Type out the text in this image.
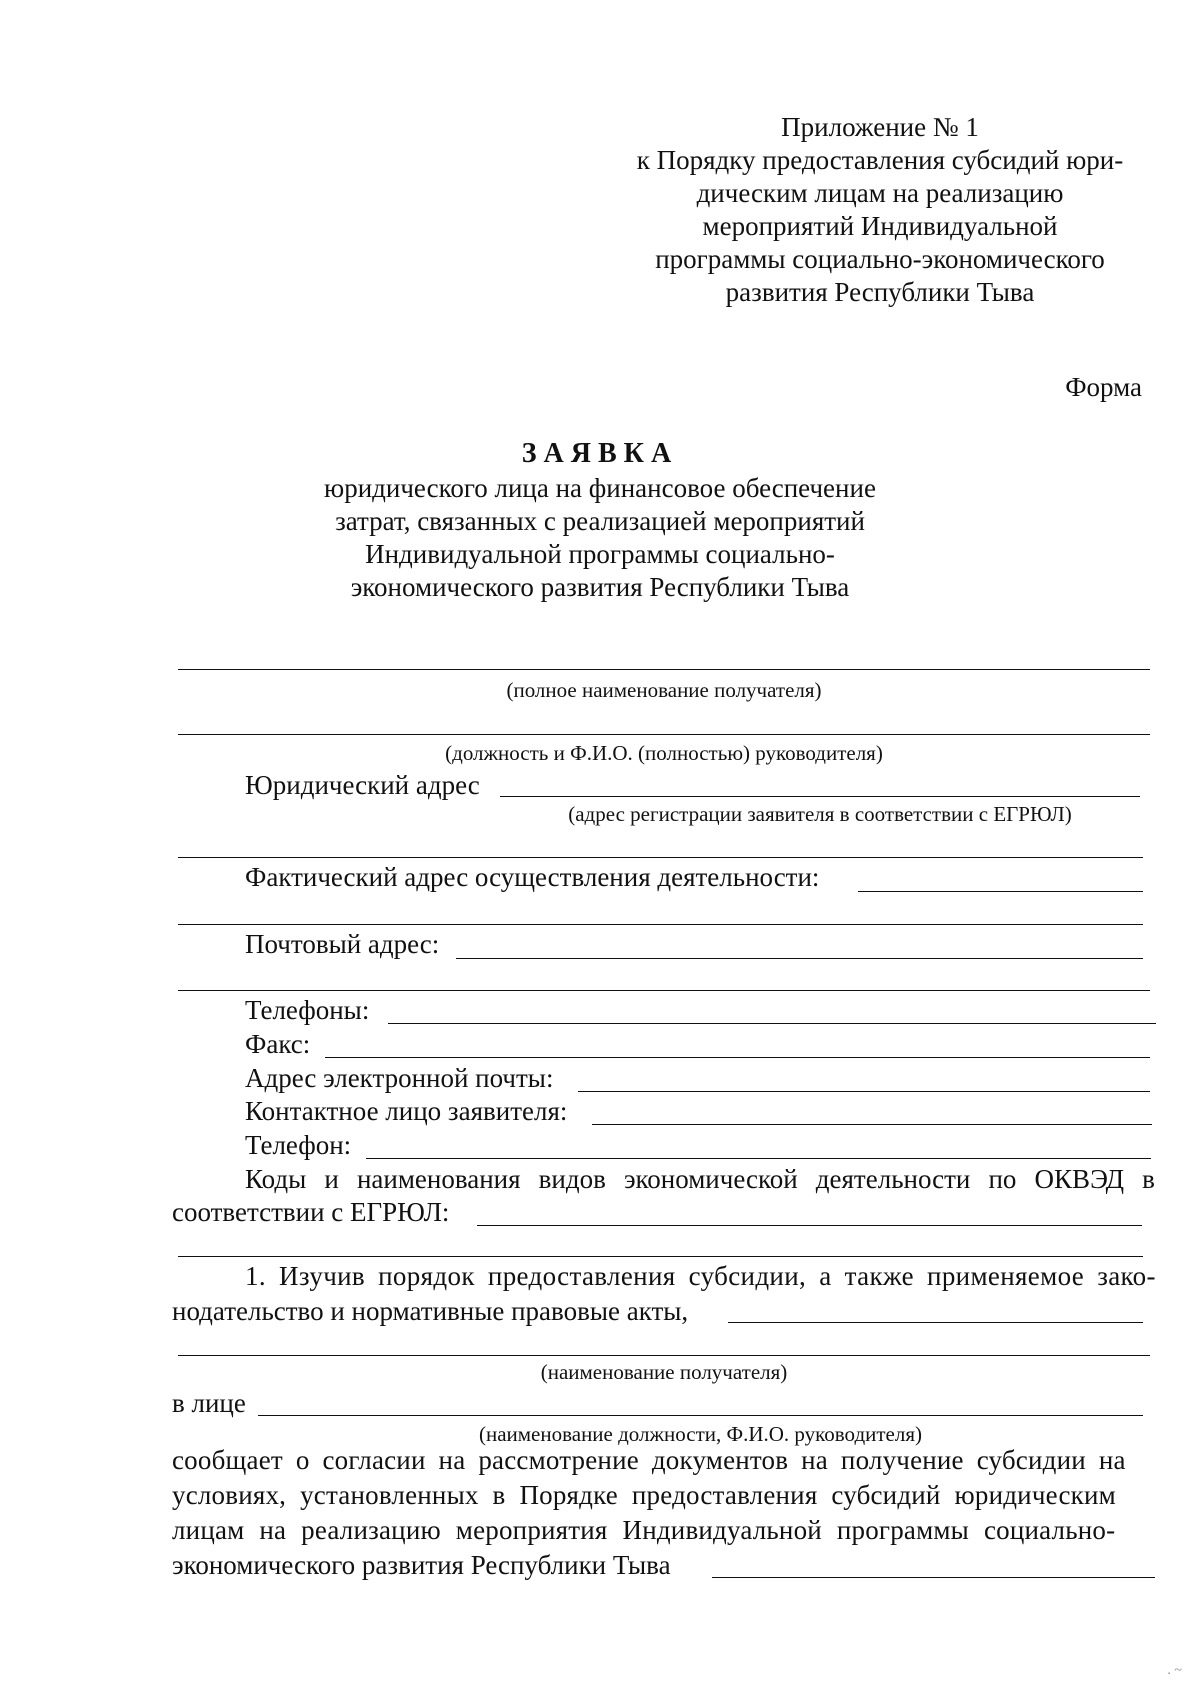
Приложение № 1
к Порядку предоставления субсидий юри-
дическим лицам на реализацию
мероприятий Индивидуальной
программы социально-экономического
развития Республики Тыва
Форма
ЗАЯВКА
юридического лица на финансовое обеспечение
затрат, связанных с реализацией мероприятий
Индивидуальной программы социально-
экономического развития Республики Тыва
(полное наименование получателя)
(должность и Ф.И.О. (полностью) руководителя)
Юридический адрес
(адрес регистрации заявителя в соответствии с ЕГРЮЛ)
Фактический адрес осуществления деятельности:
Почтовый адрес:
Телефоны:
Факс:
Адрес электронной почты:
Контактное лицо заявителя:
Телефон:
Коды и наименования видов экономической деятельности по ОКВЭД в
соответствии с ЕГРЮЛ:
1. Изучив порядок предоставления субсидии, а также применяемое зако-
нодательство и нормативные правовые акты,
(наименование получателя)
в лице
(наименование должности, Ф.И.О. руководителя)
сообщает о согласии на рассмотрение документов на получение субсидии на
условиях, установленных в Порядке предоставления субсидий юридическим
лицам на реализацию мероприятия Индивидуальной программы социально-
экономического развития Республики Тыва
. ~
